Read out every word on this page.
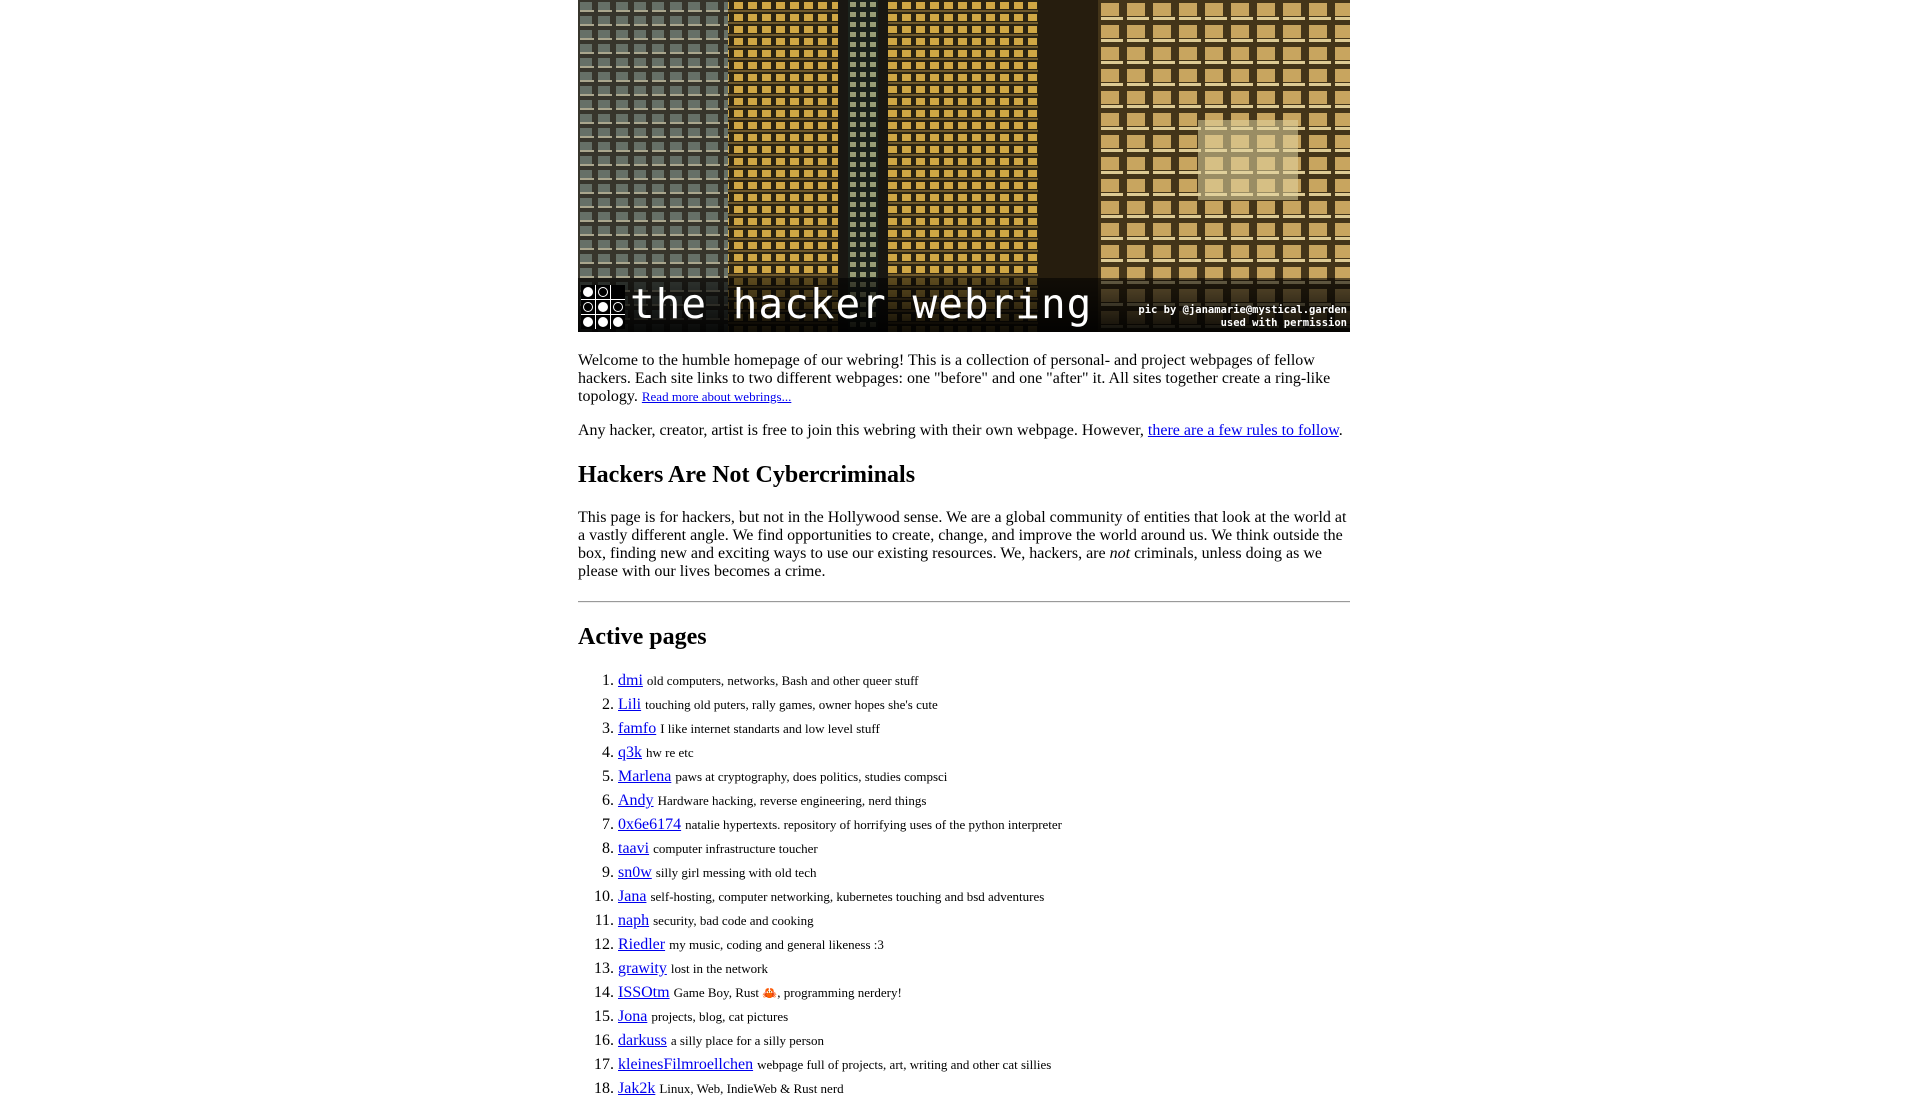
the hacker webring	pic by @janamarie@mystical.garden
used with permission

Welcome to the humble homepage of our webring! This is a collection of personal- and project webpages of fellow hackers. Each site links to two different webpages: one "before" and one "after" it. All sites together create a ring-like topology. Read more about webrings...

Any hacker, creator, artist is free to join this webring with their own webpage. However, there are a few rules to follow.

Hackers Are Not Cybercriminals

This page is for hackers, but not in the Hollywood sense. We are a global community of entities that look at the world at a vastly different angle. We find opportunities to create, change, and improve the world around us. We think outside the box, finding new and exciting ways to use our existing resources. We, hackers, are not criminals, unless doing as we please with our lives becomes a crime.

Active pages
1. dmi old computers, networks, Bash and other queer stuff
2. Lili touching old puters, rally games, owner hopes she's cute
3. famfo I like internet standarts and low level stuff
4. q3k hw re etc
5. Marlena paws at cryptography, does politics, studies compsci
6. Andy Hardware hacking, reverse engineering, nerd things
7. 0x6e6174 natalie hypertexts. repository of horrifying uses of the python interpreter
8. taavi computer infrastructure toucher
9. sn0w silly girl messing with old tech
10. Jana self-hosting, computer networking, kubernetes touching and bsd adventures
11. naph security, bad code and cooking
12. Riedler my music, coding and general likeness :3
13. grawity lost in the network
14. ISSOtm Game Boy, Rust 🦀, programming nerdery!
15. Jona projects, blog, cat pictures
16. darkuss a silly place for a silly person
17. kleinesFilmroellchen webpage full of projects, art, writing and other cat sillies
18. Jak2k Linux, Web, IndieWeb & Rust nerd
